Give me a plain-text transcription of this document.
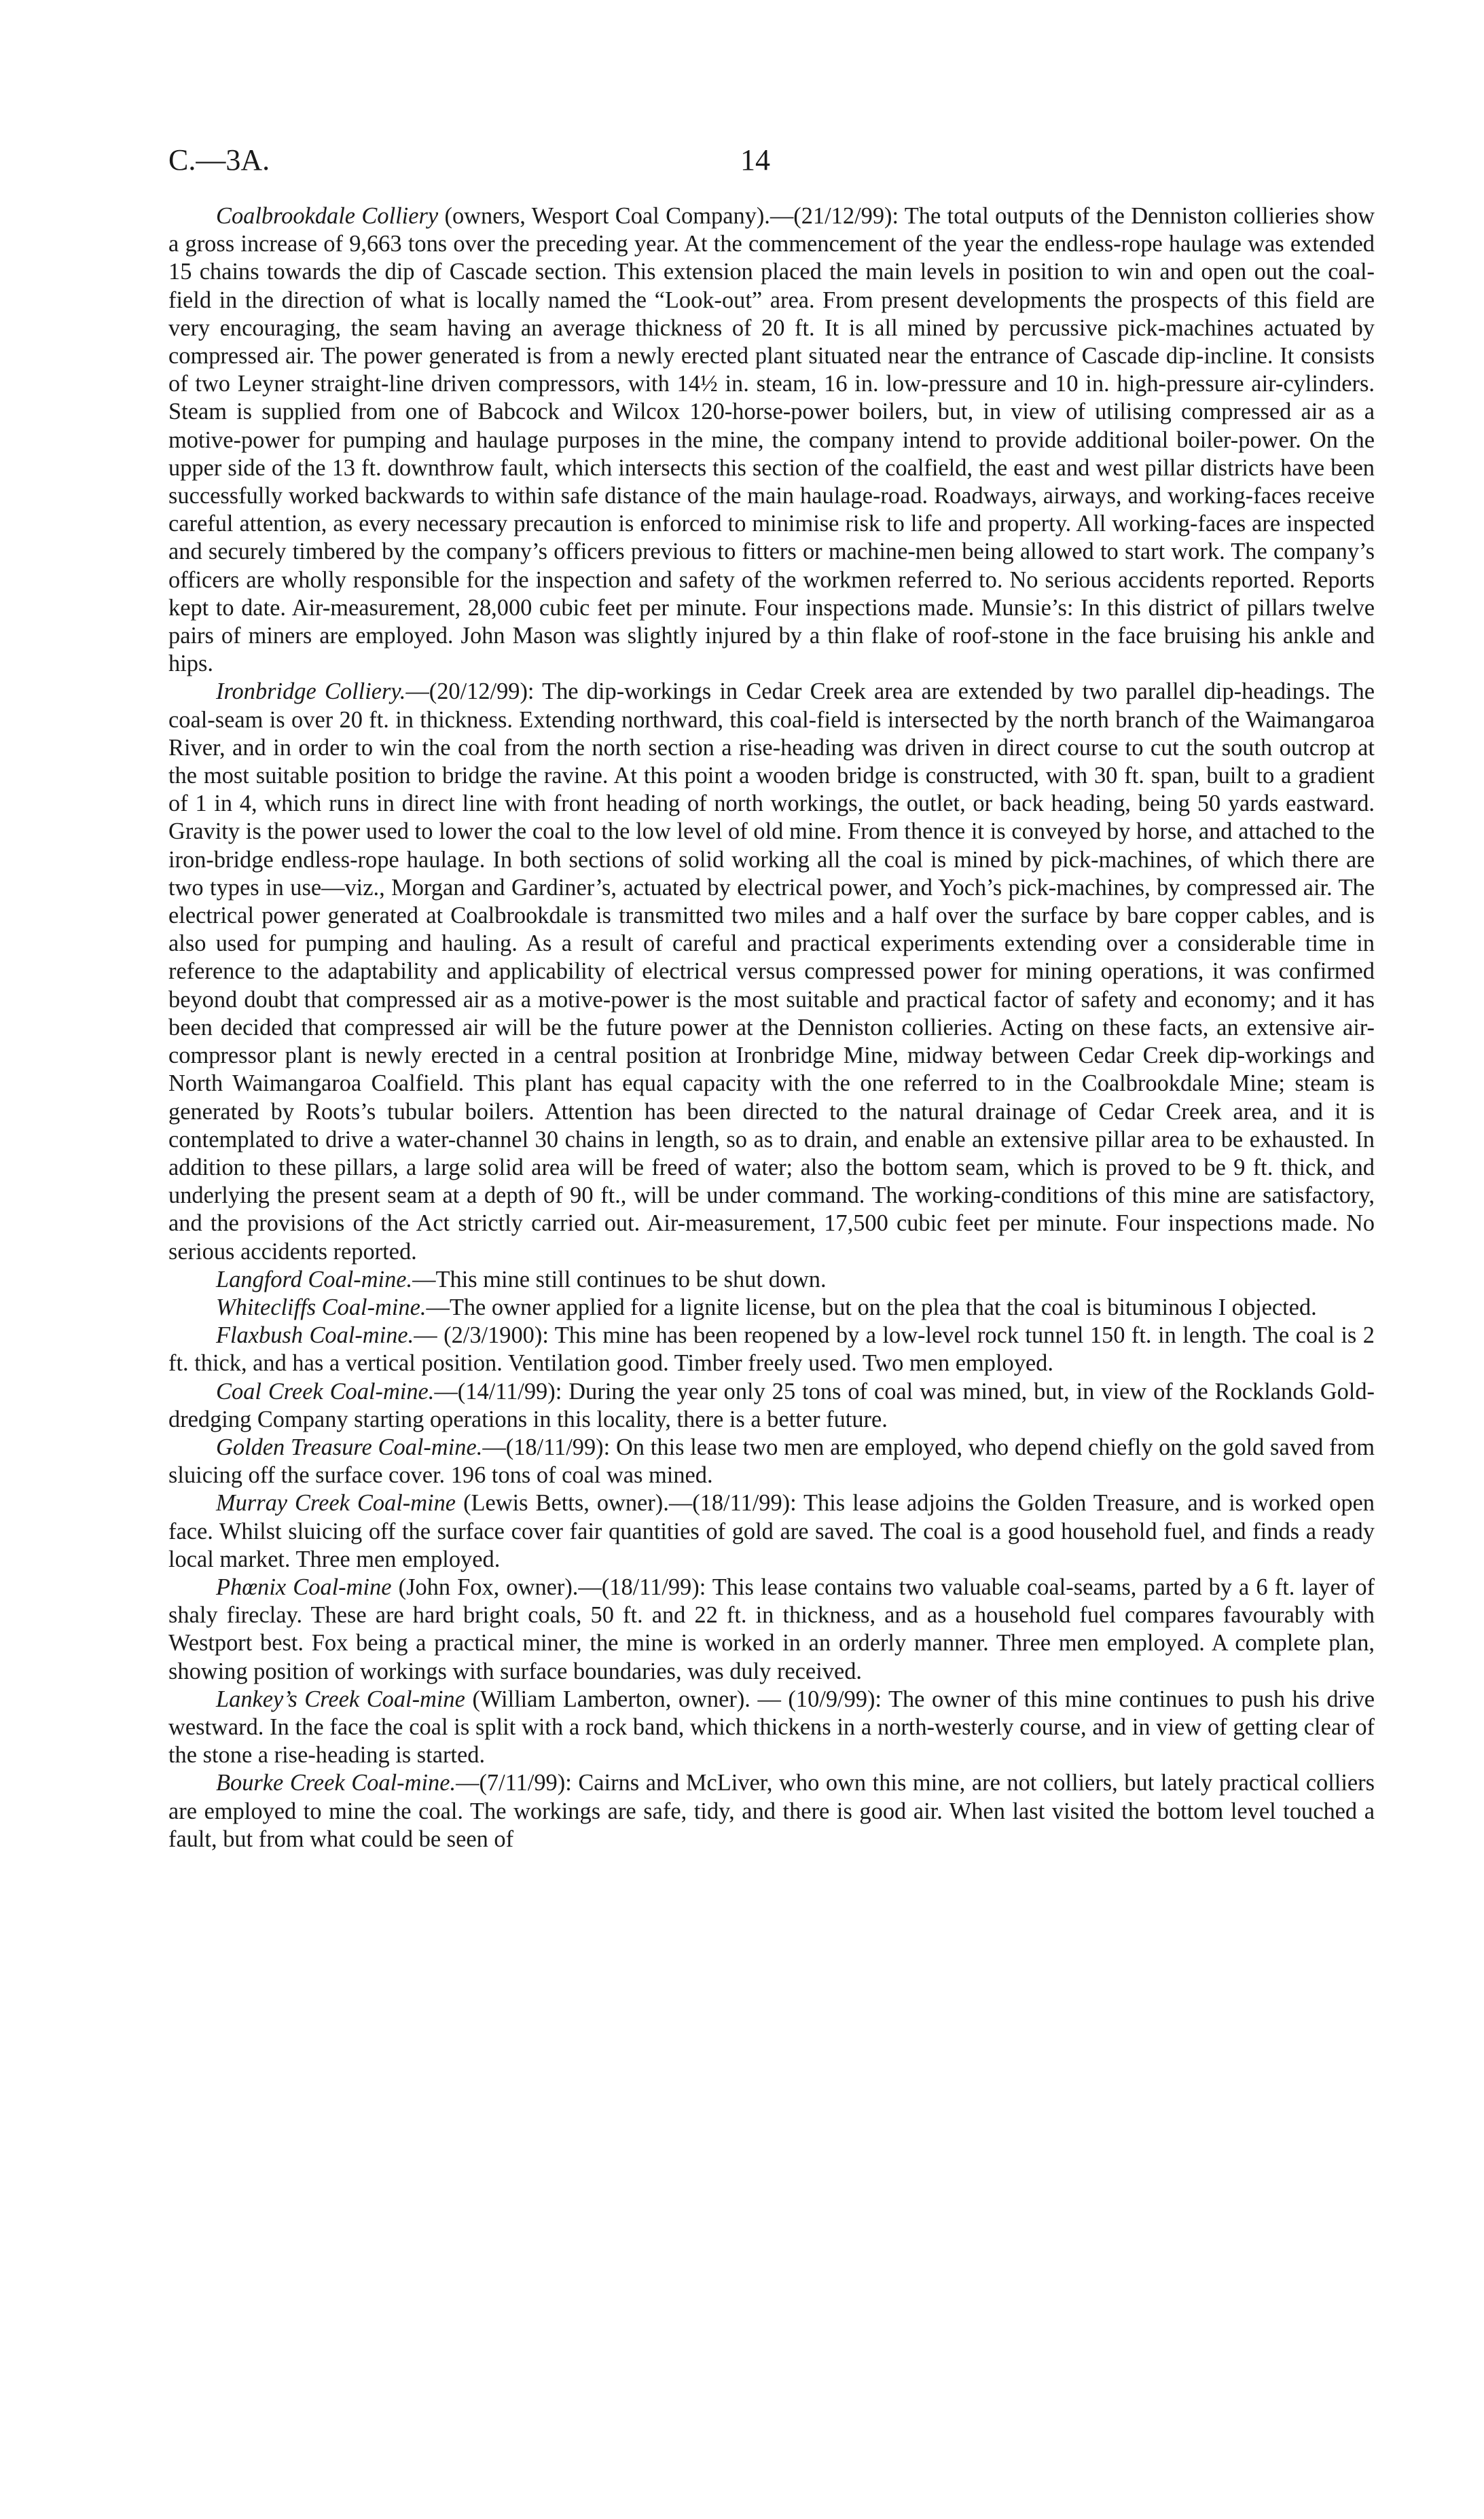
C.—3A.	14

Coalbrookdale Colliery (owners, Wesport Coal Company).—(21/12/99): The total outputs of the Denniston collieries show a gross increase of 9,663 tons over the preceding year. At the commencement of the year the endless-rope haulage was extended 15 chains towards the dip of Cascade section. This extension placed the main levels in position to win and open out the coal-field in the direction of what is locally named the “Look-out” area. From present developments the prospects of this field are very encouraging, the seam having an average thickness of 20 ft. It is all mined by percussive pick-machines actuated by compressed air. The power generated is from a newly erected plant situated near the entrance of Cascade dip-incline. It consists of two Leyner straight-line driven compressors, with 14½ in. steam, 16 in. low-pressure and 10 in. high-pressure air-cylinders. Steam is supplied from one of Babcock and Wilcox 120-horse-power boilers, but, in view of utilising compressed air as a motive-power for pumping and haulage purposes in the mine, the company intend to provide additional boiler-power. On the upper side of the 13 ft. downthrow fault, which intersects this section of the coalfield, the east and west pillar districts have been successfully worked backwards to within safe distance of the main haulage-road. Roadways, airways, and working-faces receive careful attention, as every necessary precaution is enforced to minimise risk to life and property. All working-faces are inspected and securely timbered by the company’s officers previous to fitters or machine-men being allowed to start work. The company’s officers are wholly responsible for the inspection and safety of the workmen referred to. No serious accidents reported. Reports kept to date. Air-measurement, 28,000 cubic feet per minute. Four inspections made. Munsie’s: In this district of pillars twelve pairs of miners are employed. John Mason was slightly injured by a thin flake of roof-stone in the face bruising his ankle and hips.

Ironbridge Colliery.—(20/12/99): The dip-workings in Cedar Creek area are extended by two parallel dip-headings. The coal-seam is over 20 ft. in thickness. Extending northward, this coal-field is intersected by the north branch of the Waimangaroa River, and in order to win the coal from the north section a rise-heading was driven in direct course to cut the south outcrop at the most suitable position to bridge the ravine. At this point a wooden bridge is constructed, with 30 ft. span, built to a gradient of 1 in 4, which runs in direct line with front heading of north workings, the outlet, or back heading, being 50 yards eastward. Gravity is the power used to lower the coal to the low level of old mine. From thence it is conveyed by horse, and attached to the iron-bridge endless-rope haulage. In both sections of solid working all the coal is mined by pick-machines, of which there are two types in use—viz., Morgan and Gardiner’s, actuated by electrical power, and Yoch’s pick-machines, by compressed air. The electrical power generated at Coalbrookdale is transmitted two miles and a half over the surface by bare copper cables, and is also used for pumping and hauling. As a result of careful and practical experiments extending over a considerable time in reference to the adaptability and applicability of electrical versus compressed power for mining operations, it was confirmed beyond doubt that compressed air as a motive-power is the most suitable and practical factor of safety and economy; and it has been decided that compressed air will be the future power at the Denniston collieries. Acting on these facts, an extensive air-compressor plant is newly erected in a central position at Ironbridge Mine, midway between Cedar Creek dip-workings and North Waimangaroa Coalfield. This plant has equal capacity with the one referred to in the Coalbrookdale Mine; steam is generated by Roots’s tubular boilers. Attention has been directed to the natural drainage of Cedar Creek area, and it is contemplated to drive a water-channel 30 chains in length, so as to drain, and enable an extensive pillar area to be exhausted. In addition to these pillars, a large solid area will be freed of water; also the bottom seam, which is proved to be 9 ft. thick, and underlying the present seam at a depth of 90 ft., will be under command. The working-conditions of this mine are satisfactory, and the provisions of the Act strictly carried out. Air-measurement, 17,500 cubic feet per minute. Four inspections made. No serious accidents reported.

Langford Coal-mine.—This mine still continues to be shut down.

Whitecliffs Coal-mine.—The owner applied for a lignite license, but on the plea that the coal is bituminous I objected.

Flaxbush Coal-mine.— (2/3/1900): This mine has been reopened by a low-level rock tunnel 150 ft. in length. The coal is 2 ft. thick, and has a vertical position. Ventilation good. Timber freely used. Two men employed.

Coal Creek Coal-mine.—(14/11/99): During the year only 25 tons of coal was mined, but, in view of the Rocklands Gold-dredging Company starting operations in this locality, there is a better future.

Golden Treasure Coal-mine.—(18/11/99): On this lease two men are employed, who depend chiefly on the gold saved from sluicing off the surface cover. 196 tons of coal was mined.

Murray Creek Coal-mine (Lewis Betts, owner).—(18/11/99): This lease adjoins the Golden Treasure, and is worked open face. Whilst sluicing off the surface cover fair quantities of gold are saved. The coal is a good household fuel, and finds a ready local market. Three men employed.

Phœnix Coal-mine (John Fox, owner).—(18/11/99): This lease contains two valuable coal-seams, parted by a 6 ft. layer of shaly fireclay. These are hard bright coals, 50 ft. and 22 ft. in thickness, and as a household fuel compares favourably with Westport best. Fox being a practical miner, the mine is worked in an orderly manner. Three men employed. A complete plan, showing position of workings with surface boundaries, was duly received.

Lankey’s Creek Coal-mine (William Lamberton, owner). — (10/9/99): The owner of this mine continues to push his drive westward. In the face the coal is split with a rock band, which thickens in a north-westerly course, and in view of getting clear of the stone a rise-heading is started.

Bourke Creek Coal-mine.—(7/11/99): Cairns and McLiver, who own this mine, are not colliers, but lately practical colliers are employed to mine the coal. The workings are safe, tidy, and there is good air. When last visited the bottom level touched a fault, but from what could be seen of
